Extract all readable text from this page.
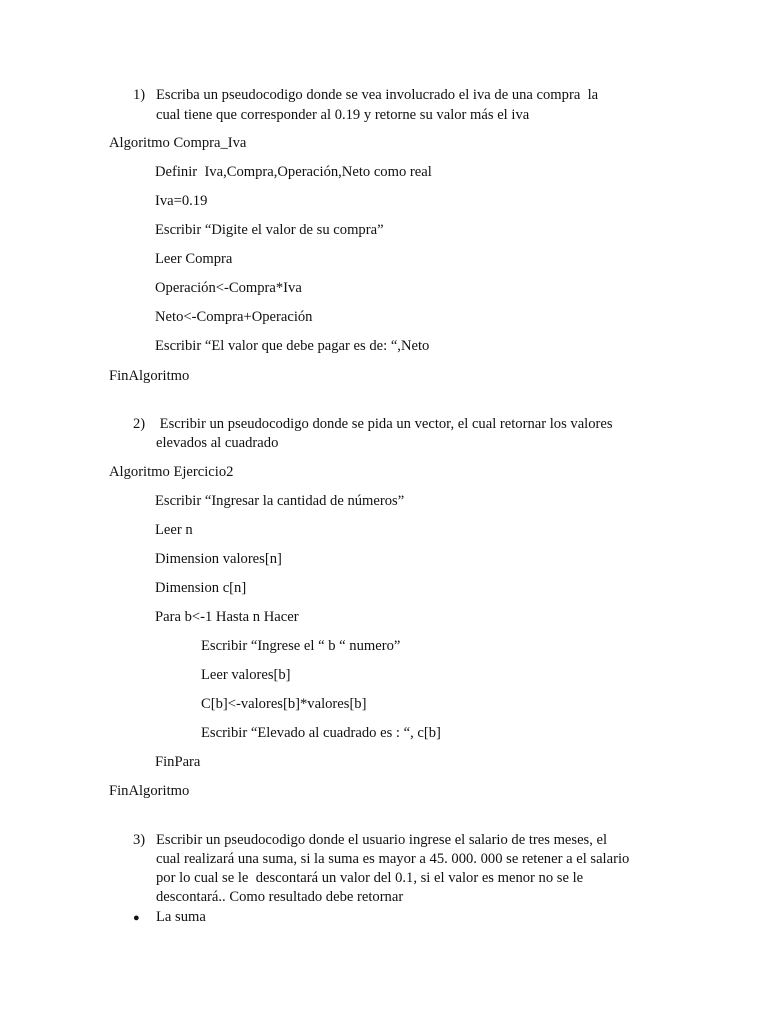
1) Escriba un pseudocodigo donde se vea involucrado el iva de una compra  la
cual tiene que corresponder al 0.19 y retorne su valor más el iva
Algoritmo Compra_Iva
Definir  Iva,Compra,Operación,Neto como real
Iva=0.19
Escribir “Digite el valor de su compra”
Leer Compra
Operación<-Compra*Iva
Neto<-Compra+Operación
Escribir “El valor que debe pagar es de: “,Neto
FinAlgoritmo
2) Escribir un pseudocodigo donde se pida un vector, el cual retornar los valores
elevados al cuadrado
Algoritmo Ejercicio2
Escribir “Ingresar la cantidad de números”
Leer n
Dimension valores[n]
Dimension c[n]
Para b<-1 Hasta n Hacer
Escribir “Ingrese el “ b “ numero”
Leer valores[b]
C[b]<-valores[b]*valores[b]
Escribir “Elevado al cuadrado es : “, c[b]
FinPara
FinAlgoritmo
3) Escribir un pseudocodigo donde el usuario ingrese el salario de tres meses, el
cual realizará una suma, si la suma es mayor a 45. 000. 000 se retener a el salario
por lo cual se le  descontará un valor del 0.1, si el valor es menor no se le
descontará.. Como resultado debe retornar
● La suma
